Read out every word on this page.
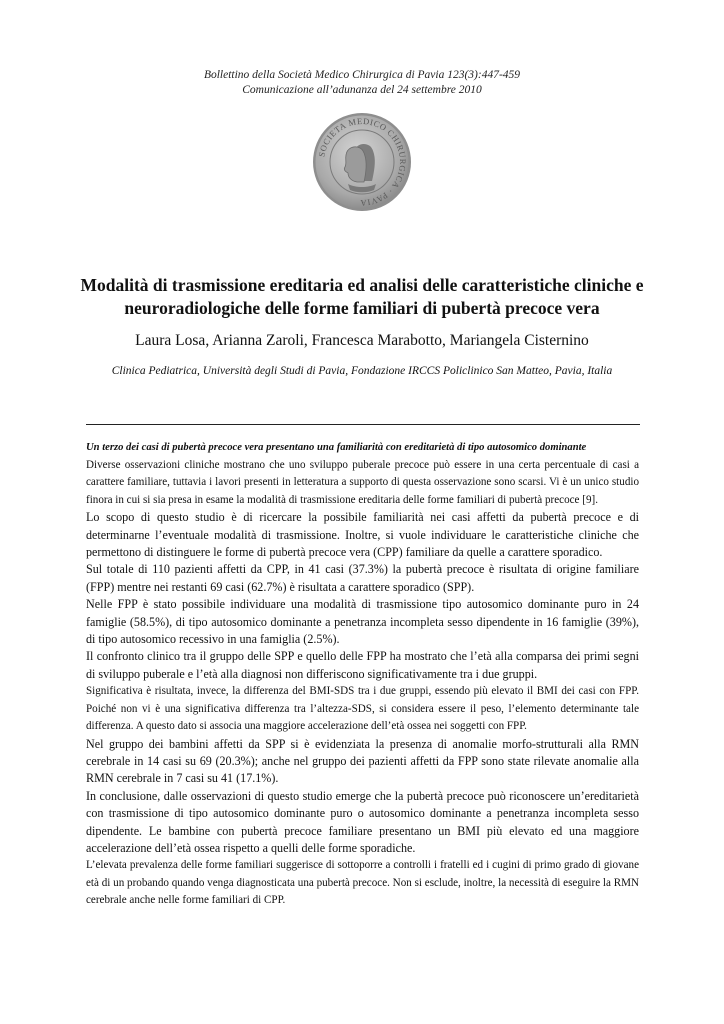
Bollettino della Società Medico Chirurgica di Pavia 123(3):447-459
Comunicazione all’adunanza del 24 settembre 2010
SOCIETA MEDICO CHIRURGICA · PAVIA
Modalità di trasmissione ereditaria ed analisi delle caratteristiche cliniche e neuroradiologiche delle forme familiari di pubertà precoce vera
Laura Losa, Arianna Zaroli, Francesca Marabotto, Mariangela Cisternino
Clinica Pediatrica, Università degli Studi di Pavia, Fondazione IRCCS Policlinico San Matteo, Pavia, Italia
Un terzo dei casi di pubertà precoce vera presentano una familiarità con ereditarietà di tipo autosomico dominante

Diverse osservazioni cliniche mostrano che uno sviluppo puberale precoce può essere in una certa percentuale di casi a carattere familiare, tuttavia i lavori presenti in letteratura a supporto di questa osservazione sono scarsi. Vi è un unico studio finora in cui si sia presa in esame la modalità di trasmissione ereditaria delle forme familiari di pubertà precoce [9].

Lo scopo di questo studio è di ricercare la possibile familiarità nei casi affetti da pubertà precoce e di determinarne l’eventuale modalità di trasmissione. Inoltre, si vuole individuare le caratteristiche cliniche che permettono di distinguere le forme di pubertà precoce vera (CPP) familiare da quelle a carattere sporadico.

Sul totale di 110 pazienti affetti da CPP, in 41 casi (37.3%) la pubertà precoce è risultata di origine familiare (FPP) mentre nei restanti 69 casi (62.7%) è risultata a carattere sporadico (SPP).

Nelle FPP è stato possibile individuare una modalità di trasmissione tipo autosomico dominante puro in 24 famiglie (58.5%), di tipo autosomico dominante a penetranza incompleta sesso dipendente in 16 famiglie (39%), di tipo autosomico recessivo in una famiglia (2.5%).

Il confronto clinico tra il gruppo delle SPP e quello delle FPP ha mostrato che l’età alla comparsa dei primi segni di sviluppo puberale e l’età alla diagnosi non differiscono significativamente tra i due gruppi.

Significativa è risultata, invece, la differenza del BMI-SDS tra i due gruppi, essendo più elevato il BMI dei casi con FPP. Poiché non vi è una significativa differenza tra l’altezza-SDS, si considera essere il peso, l’elemento determinante tale differenza. A questo dato si associa una maggiore accelerazione dell’età ossea nei soggetti con FPP.

Nel gruppo dei bambini affetti da SPP si è evidenziata la presenza di anomalie morfo-strutturali alla RMN cerebrale in 14 casi su 69 (20.3%); anche nel gruppo dei pazienti affetti da FPP sono state rilevate anomalie alla RMN cerebrale in 7 casi su 41 (17.1%).

In conclusione, dalle osservazioni di questo studio emerge che la pubertà precoce può riconoscere un’ereditarietà con trasmissione di tipo autosomico dominante puro o autosomico dominante a penetranza incompleta sesso dipendente. Le bambine con pubertà precoce familiare presentano un BMI più elevato ed una maggiore accelerazione dell’età ossea rispetto a quelli delle forme sporadiche.

L’elevata prevalenza delle forme familiari suggerisce di sottoporre a controlli i fratelli ed i cugini di primo grado di giovane età di un probando quando venga diagnosticata una pubertà precoce. Non si esclude, inoltre, la necessità di eseguire la RMN cerebrale anche nelle forme familiari di CPP.
